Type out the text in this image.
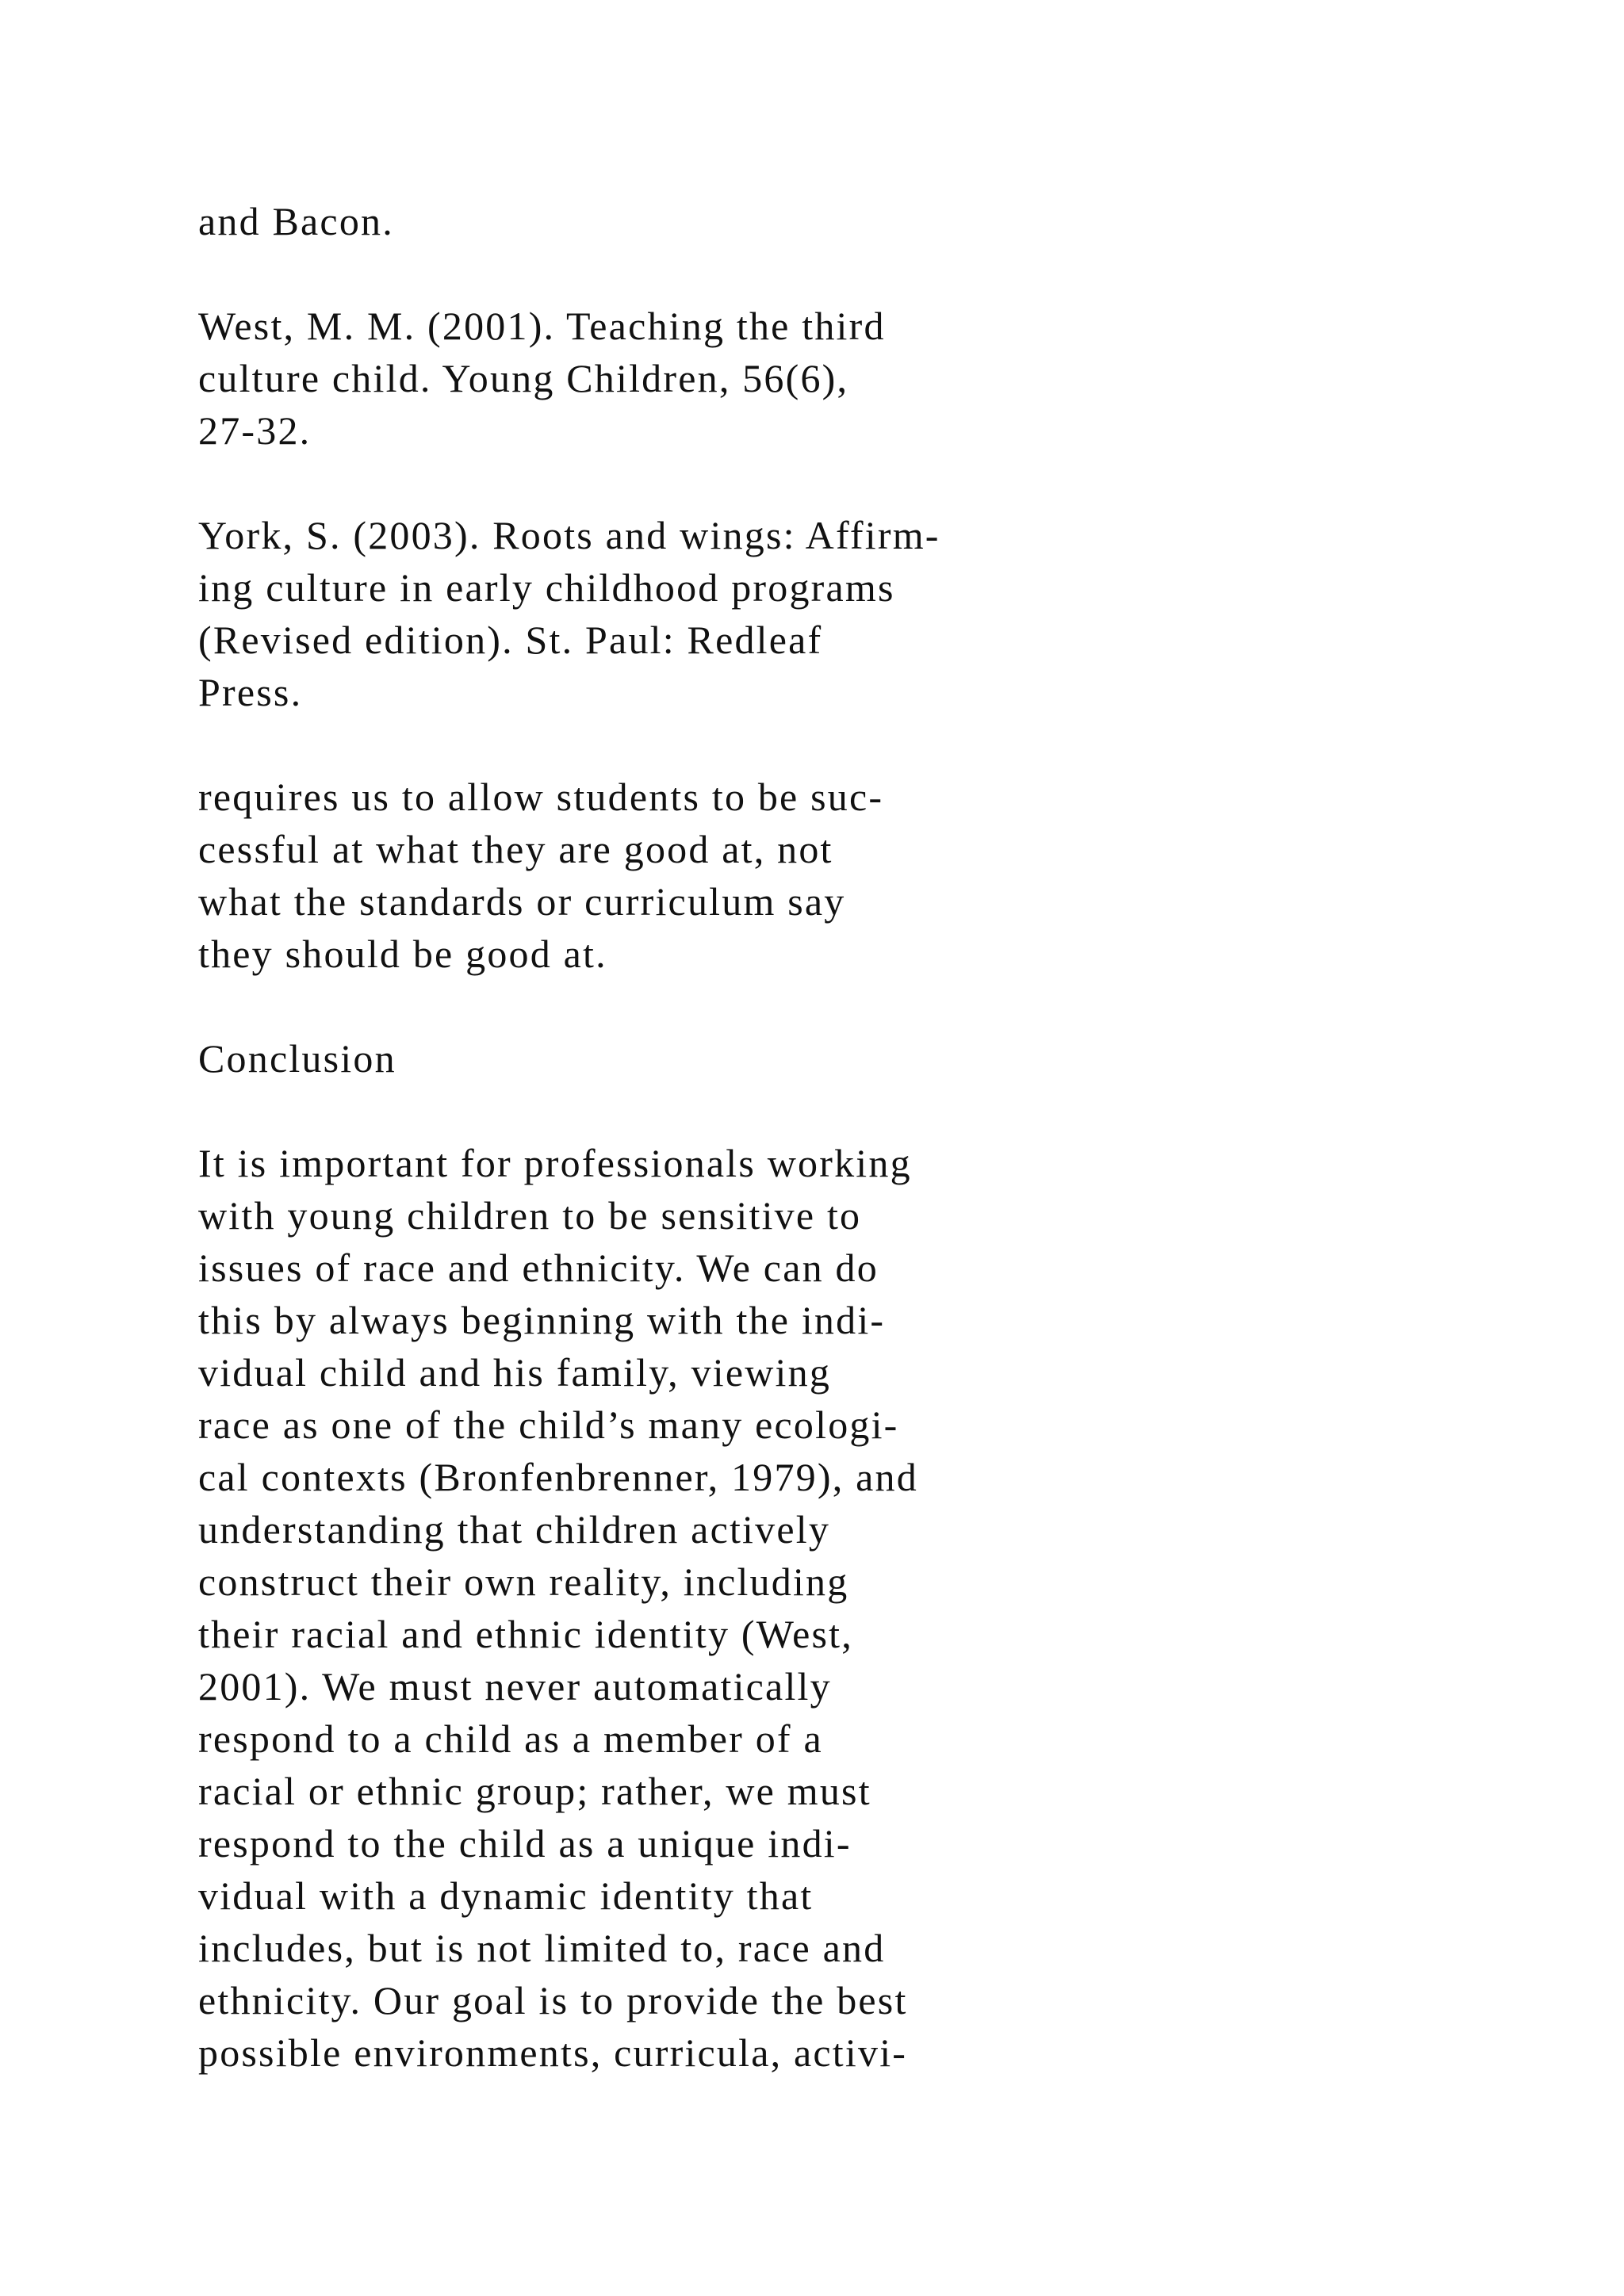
and Bacon.
West, M. M. (2001). Teaching the third
culture child. Young Children, 56(6),
27-32.
York, S. (2003). Roots and wings: Affirm-
ing culture in early childhood programs
(Revised edition). St. Paul: Redleaf
Press.
requires us to allow students to be suc-
cessful at what they are good at, not
what the standards or curriculum say
they should be good at.
Conclusion
It is important for professionals working
with young children to be sensitive to
issues of race and ethnicity. We can do
this by always beginning with the indi-
vidual child and his family, viewing
race as one of the child’s many ecologi-
cal contexts (Bronfenbrenner, 1979), and
understanding that children actively
construct their own reality, including
their racial and ethnic identity (West,
2001). We must never automatically
respond to a child as a member of a
racial or ethnic group; rather, we must
respond to the child as a unique indi-
vidual with a dynamic identity that
includes, but is not limited to, race and
ethnicity. Our goal is to provide the best
possible environments, curricula, activi-
